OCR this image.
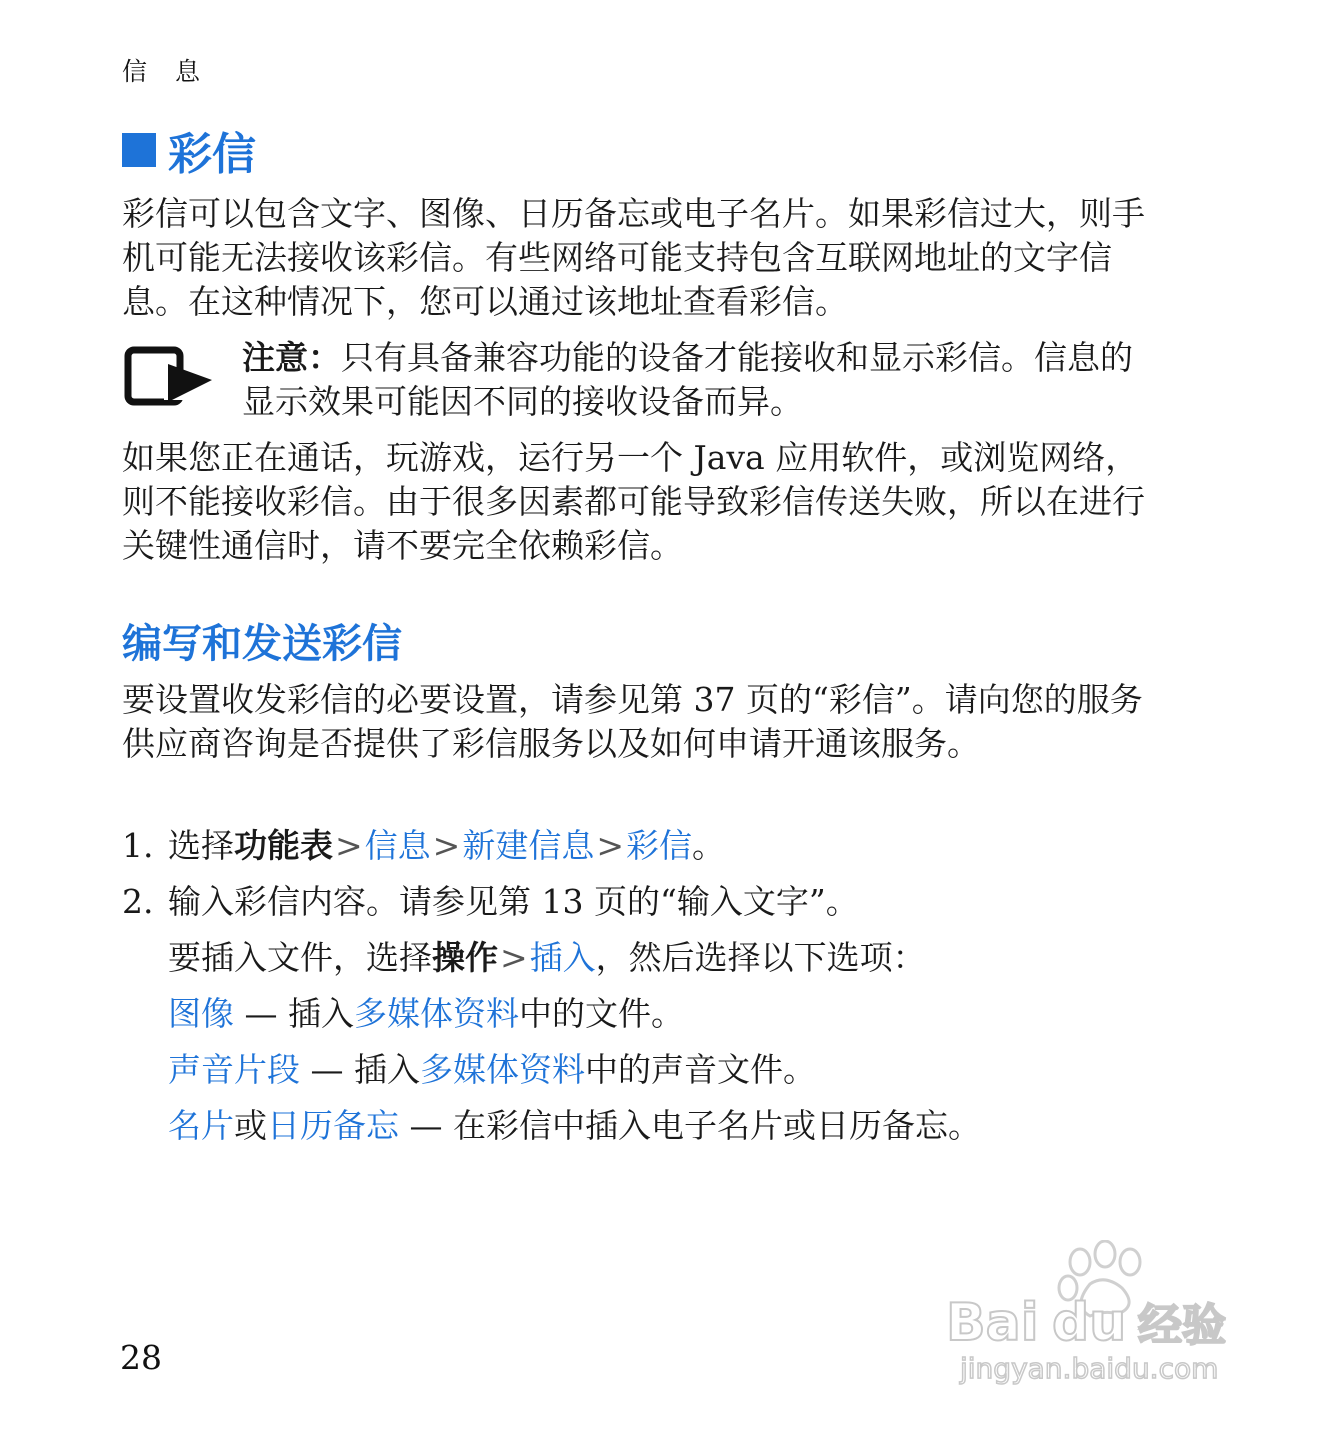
信 息
彩信

彩信可以包含文字、图像、日历备忘或电子名片。如果彩信过大，则手机可能无法接收该彩信。有些网络可能支持包含互联网地址的文字信息。在这种情况下，您可以通过该地址查看彩信。

注意：只有具备兼容功能的设备才能接收和显示彩信。信息的显示效果可能因不同的接收设备而异。

如果您正在通话，玩游戏，运行另一个 Java 应用软件，或浏览网络，则不能接收彩信。由于很多因素都可能导致彩信传送失败，所以在进行关键性通信时，请不要完全依赖彩信。

编写和发送彩信

要设置收发彩信的必要设置，请参见第 37 页的“彩信”。请向您的服务供应商咨询是否提供了彩信服务以及如何申请开通该服务。

1. 选择功能表>信息>新建信息>彩信。
2. 输入彩信内容。请参见第 13 页的“输入文字”。
要插入文件，选择操作>插入，然后选择以下选项：
图像 — 插入多媒体资料中的文件。
声音片段 — 插入多媒体资料中的声音文件。
名片或日历备忘 — 在彩信中插入电子名片或日历备忘。
28
Bai du 经验
jingyan.baidu.com
